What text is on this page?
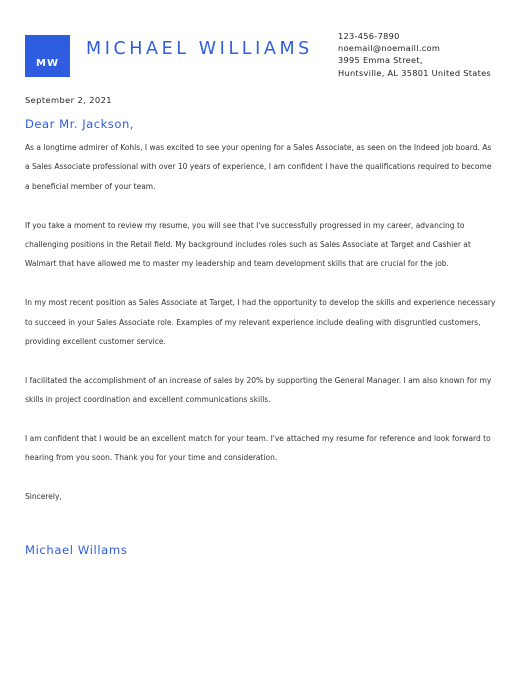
MW
MICHAEL WILLIAMS
123-456-7890
noemail@noemaill.com
3995 Emma Street,
Huntsville, AL 35801 United States
September 2, 2021
Dear Mr. Jackson,

As a longtime admirer of Kohls, I was excited to see your opening for a Sales Associate, as seen on the Indeed job board. As a Sales Associate professional with over 10 years of experience, I am confident I have the qualifications required to become a beneficial member of your team.

If you take a moment to review my resume, you will see that I've successfully progressed in my career, advancing to challenging positions in the Retail field. My background includes roles such as Sales Associate at Target and Cashier at Walmart that have allowed me to master my leadership and team development skills that are crucial for the job.

In my most recent position as Sales Associate at Target, I had the opportunity to develop the skills and experience necessary to succeed in your Sales Associate role. Examples of my relevant experience include dealing with disgruntled customers, providing excellent customer service.

I facilitated the accomplishment of an increase of sales by 20% by supporting the General Manager. I am also known for my skills in project coordination and excellent communications skills.

I am confident that I would be an excellent match for your team. I've attached my resume for reference and look forward to hearing from you soon. Thank you for your time and consideration.

Sincerely,

Michael Willams
